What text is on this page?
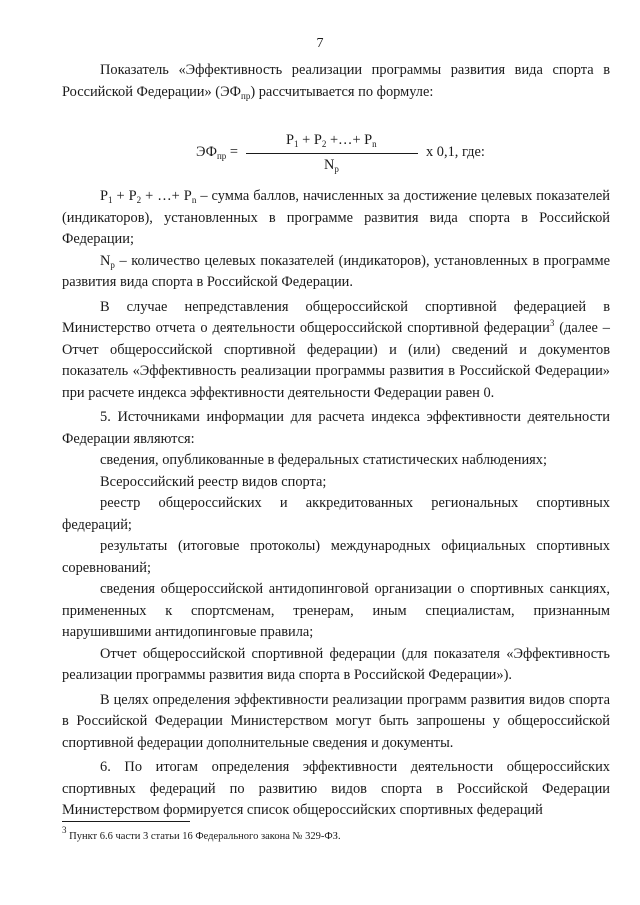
7

Показатель «Эффективность реализации программы развития вида спорта в Российской Федерации» $(ЭФ_{пр})$ рассчитывается по формуле:

$ЭФ_{пр}$ =
$P_1 + P_2$ +…+ $P_n$
$N_p$
х 0,1, где:

$P_1 + P_2$ + …+ $P_n$ – сумма баллов, начисленных за достижение целевых показателей (индикаторов), установленных в программе развития вида спорта в Российской Федерации;

$N_p$ – количество целевых показателей (индикаторов), установленных в программе развития вида спорта в Российской Федерации.

В случае непредставления общероссийской спортивной федерацией в Министерство отчета о деятельности общероссийской спортивной федерации$^3$ (далее – Отчет общероссийской спортивной федерации) и (или) сведений и документов показатель «Эффективность реализации программы развития в Российской Федерации» при расчете индекса эффективности деятельности Федерации равен 0.

5. Источниками информации для расчета индекса эффективности деятельности Федерации являются:

сведения, опубликованные в федеральных статистических наблюдениях;

Всероссийский реестр видов спорта;

реестр общероссийских и аккредитованных региональных спортивных федераций;

результаты (итоговые протоколы) международных официальных спортивных соревнований;

сведения общероссийской антидопинговой организации о спортивных санкциях, примененных к спортсменам, тренерам, иным специалистам, признанным нарушившими антидопинговые правила;

Отчет общероссийской спортивной федерации (для показателя «Эффективность реализации программы развития вида спорта в Российской Федерации»).

В целях определения эффективности реализации программ развития видов спорта в Российской Федерации Министерством могут быть запрошены у общероссийской спортивной федерации дополнительные сведения и документы.

6. По итогам определения эффективности деятельности общероссийских спортивных федераций по развитию видов спорта в Российской Федерации Министерством формируется список общероссийских спортивных федераций

$^3$ Пункт 6.6 части 3 статьи 16 Федерального закона № 329-ФЗ.
